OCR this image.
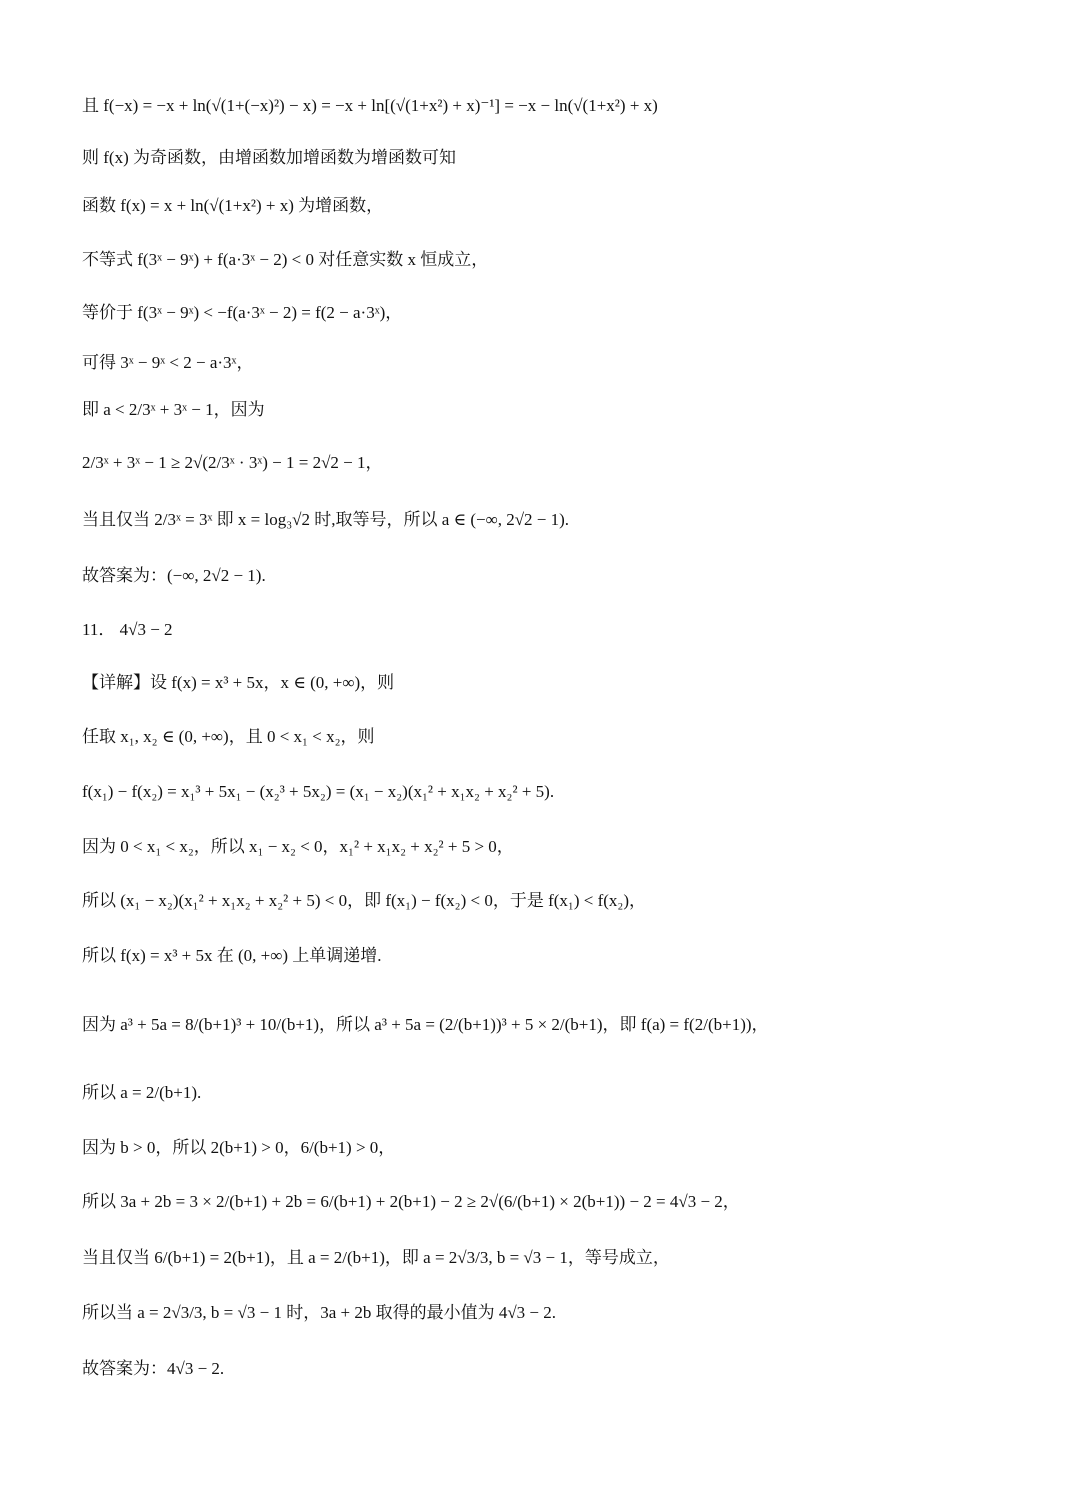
且 f(−x) = −x + ln(√(1+(−x)²) − x) = −x + ln[(√(1+x²) + x)⁻¹] = −x − ln(√(1+x²) + x)
则 f(x) 为奇函数，由增函数加增函数为增函数可知
函数 f(x) = x + ln(√(1+x²) + x) 为增函数，
不等式 f(3ˣ − 9ˣ) + f(a·3ˣ − 2) < 0 对任意实数 x 恒成立，
等价于 f(3ˣ − 9ˣ) < −f(a·3ˣ − 2) = f(2 − a·3ˣ)，
可得 3ˣ − 9ˣ < 2 − a·3ˣ，
即 a < 2/3ˣ + 3ˣ − 1，因为
2/3ˣ + 3ˣ − 1 ≥ 2√(2/3ˣ · 3ˣ) − 1 = 2√2 − 1，
当且仅当 2/3ˣ = 3ˣ 即 x = log₃√2 时,取等号，所以 a ∈ (−∞, 2√2 − 1).
故答案为：(−∞, 2√2 − 1).
11． 4√3 − 2
【详解】设 f(x) = x³ + 5x，x ∈ (0, +∞)，则
任取 x₁, x₂ ∈ (0, +∞)，且 0 < x₁ < x₂，则
f(x₁) − f(x₂) = x₁³ + 5x₁ − (x₂³ + 5x₂) = (x₁ − x₂)(x₁² + x₁x₂ + x₂² + 5).
因为 0 < x₁ < x₂，所以 x₁ − x₂ < 0，x₁² + x₁x₂ + x₂² + 5 > 0，
所以 (x₁ − x₂)(x₁² + x₁x₂ + x₂² + 5) < 0，即 f(x₁) − f(x₂) < 0，于是 f(x₁) < f(x₂)，
所以 f(x) = x³ + 5x 在 (0, +∞) 上单调递增.
因为 a³ + 5a = 8/(b+1)³ + 10/(b+1)，所以 a³ + 5a = (2/(b+1))³ + 5 × 2/(b+1)，即 f(a) = f(2/(b+1))，
所以 a = 2/(b+1).
因为 b > 0，所以 2(b+1) > 0，6/(b+1) > 0，
所以 3a + 2b = 3 × 2/(b+1) + 2b = 6/(b+1) + 2(b+1) − 2 ≥ 2√(6/(b+1) × 2(b+1)) − 2 = 4√3 − 2，
当且仅当 6/(b+1) = 2(b+1)，且 a = 2/(b+1)，即 a = 2√3/3, b = √3 − 1，等号成立，
所以当 a = 2√3/3, b = √3 − 1 时，3a + 2b 取得的最小值为 4√3 − 2.
故答案为：4√3 − 2.
